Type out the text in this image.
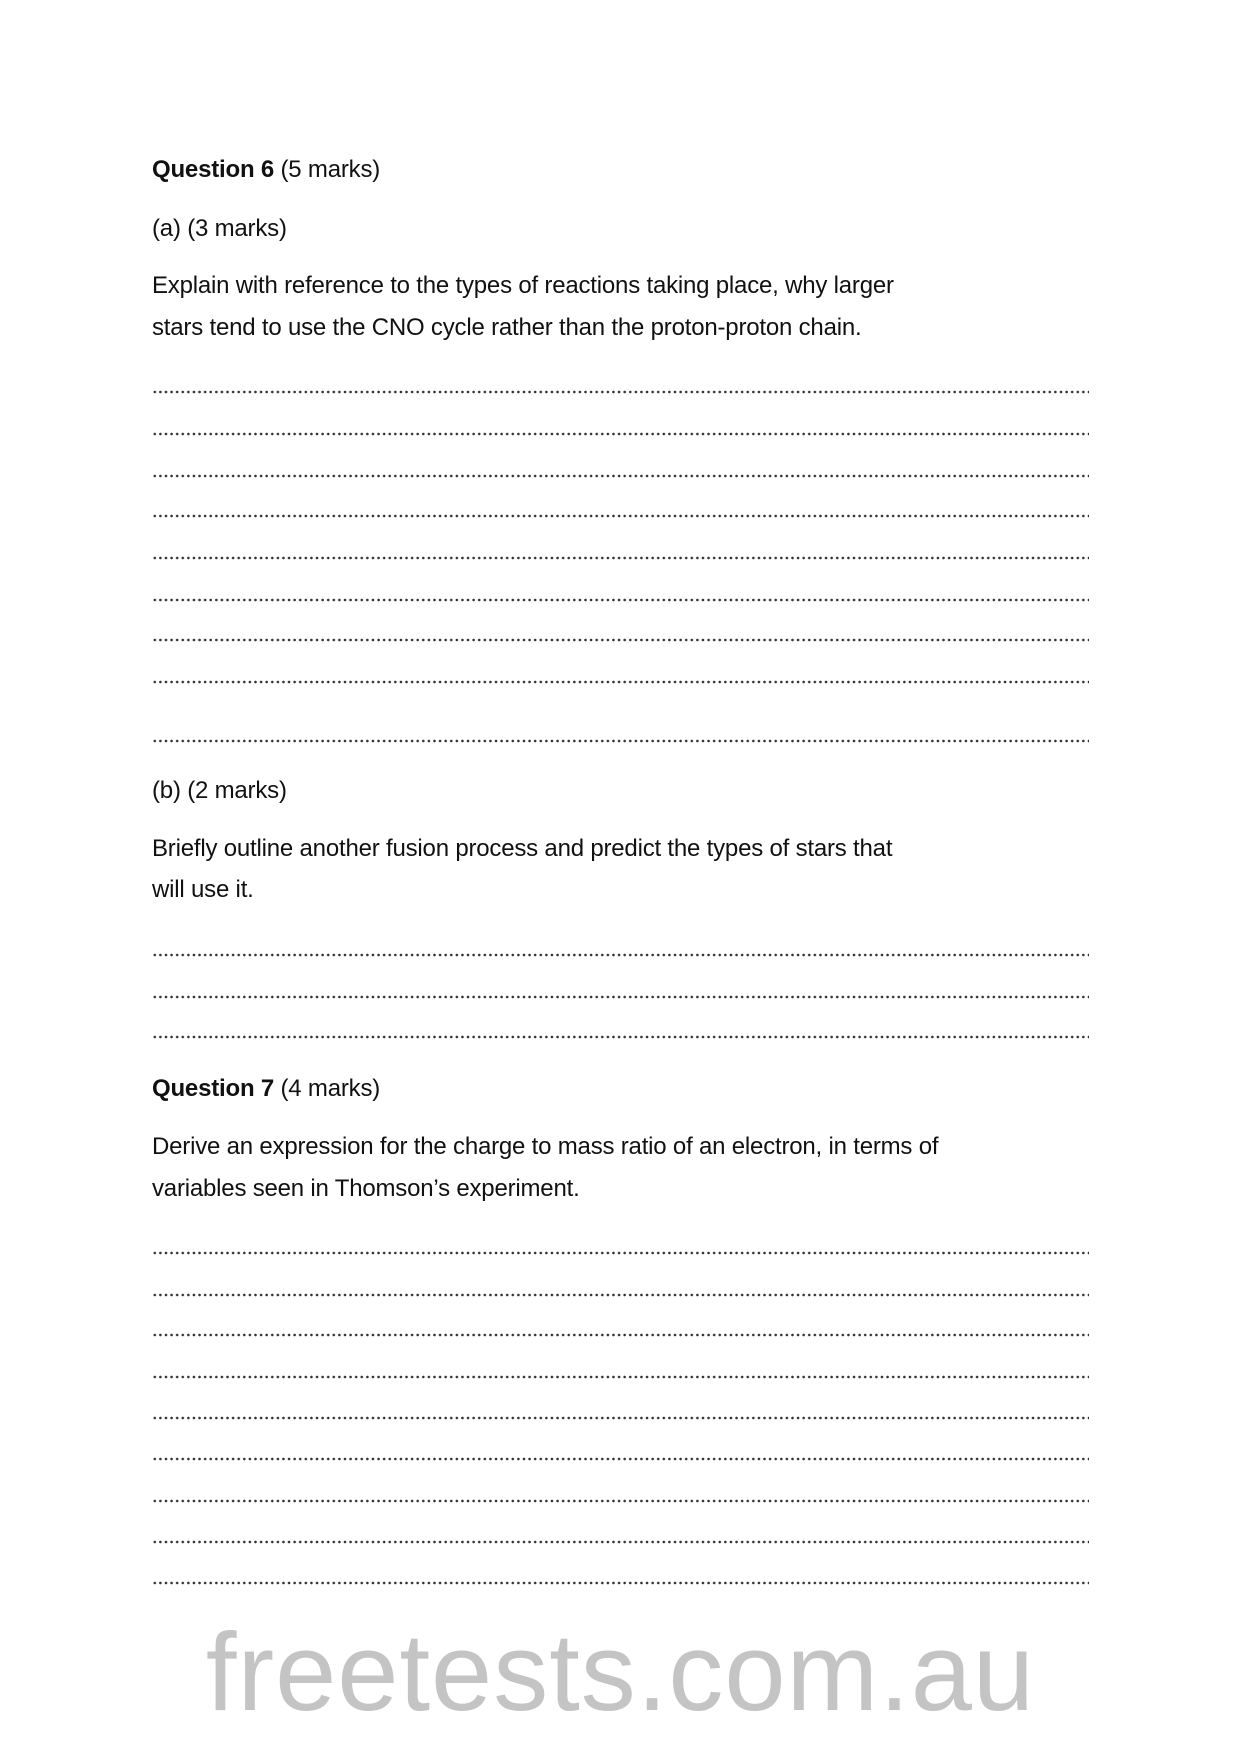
Question 6 (5 marks)
(a) (3 marks)
Explain with reference to the types of reactions taking place, why larger
stars tend to use the CNO cycle rather than the proton-proton chain.
(b) (2 marks)
Briefly outline another fusion process and predict the types of stars that
will use it.
Question 7 (4 marks)
Derive an expression for the charge to mass ratio of an electron, in terms of
variables seen in Thomson’s experiment.
freetests.com.au
